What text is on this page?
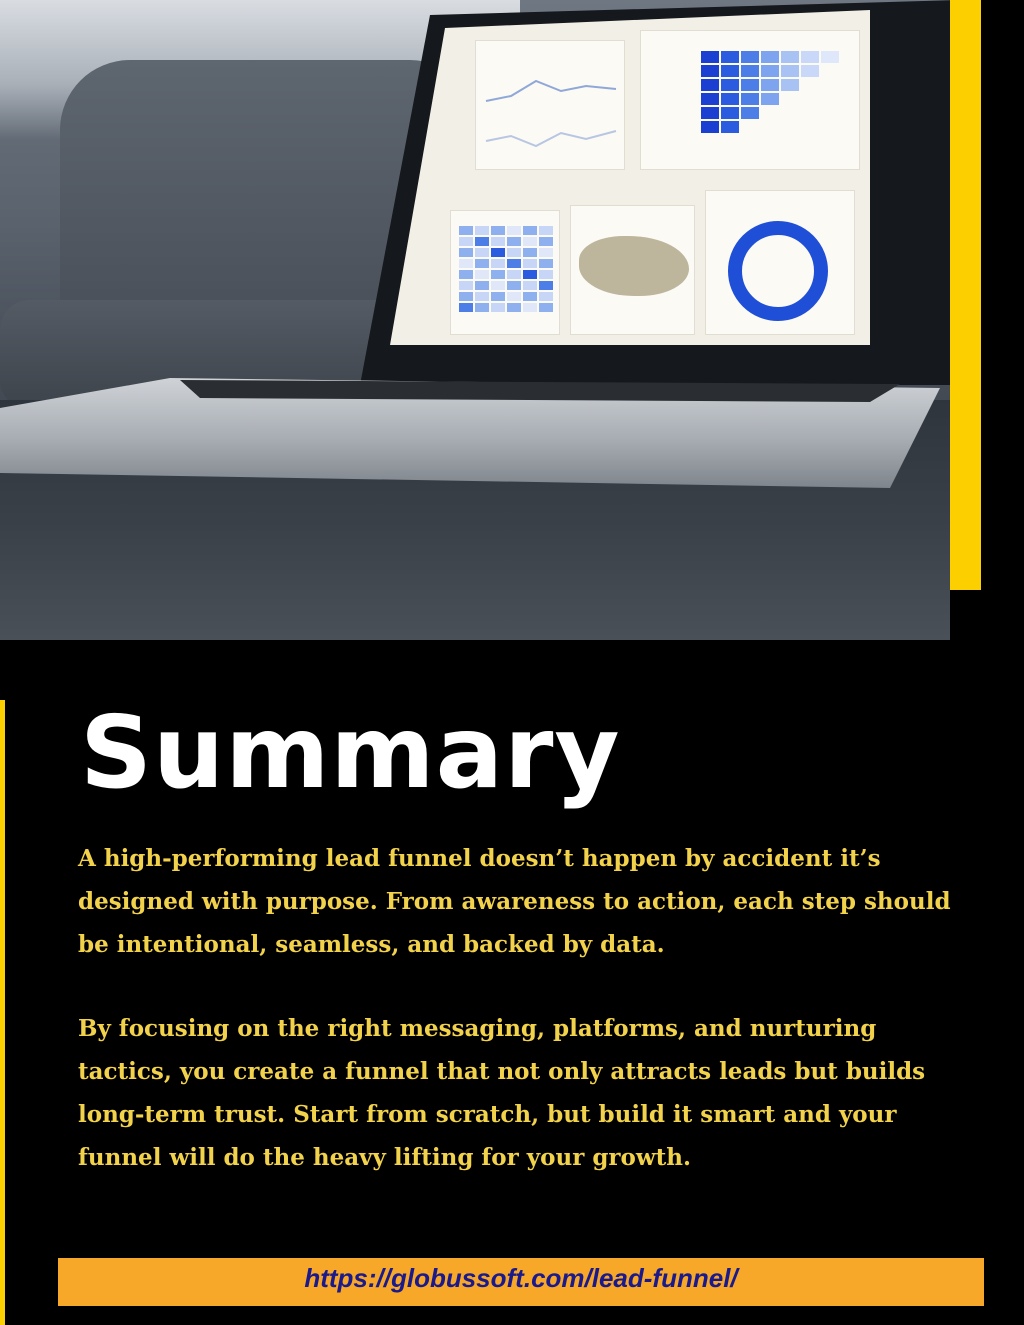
Summary

A high-performing lead funnel doesn’t happen by accident it’s designed with purpose. From awareness to action, each step should be intentional, seamless, and backed by data.

By focusing on the right messaging, platforms, and nurturing tactics, you create a funnel that not only attracts leads but builds long-term trust. Start from scratch, but build it smart and your funnel will do the heavy lifting for your growth.

https://globussoft.com/lead-funnel/
